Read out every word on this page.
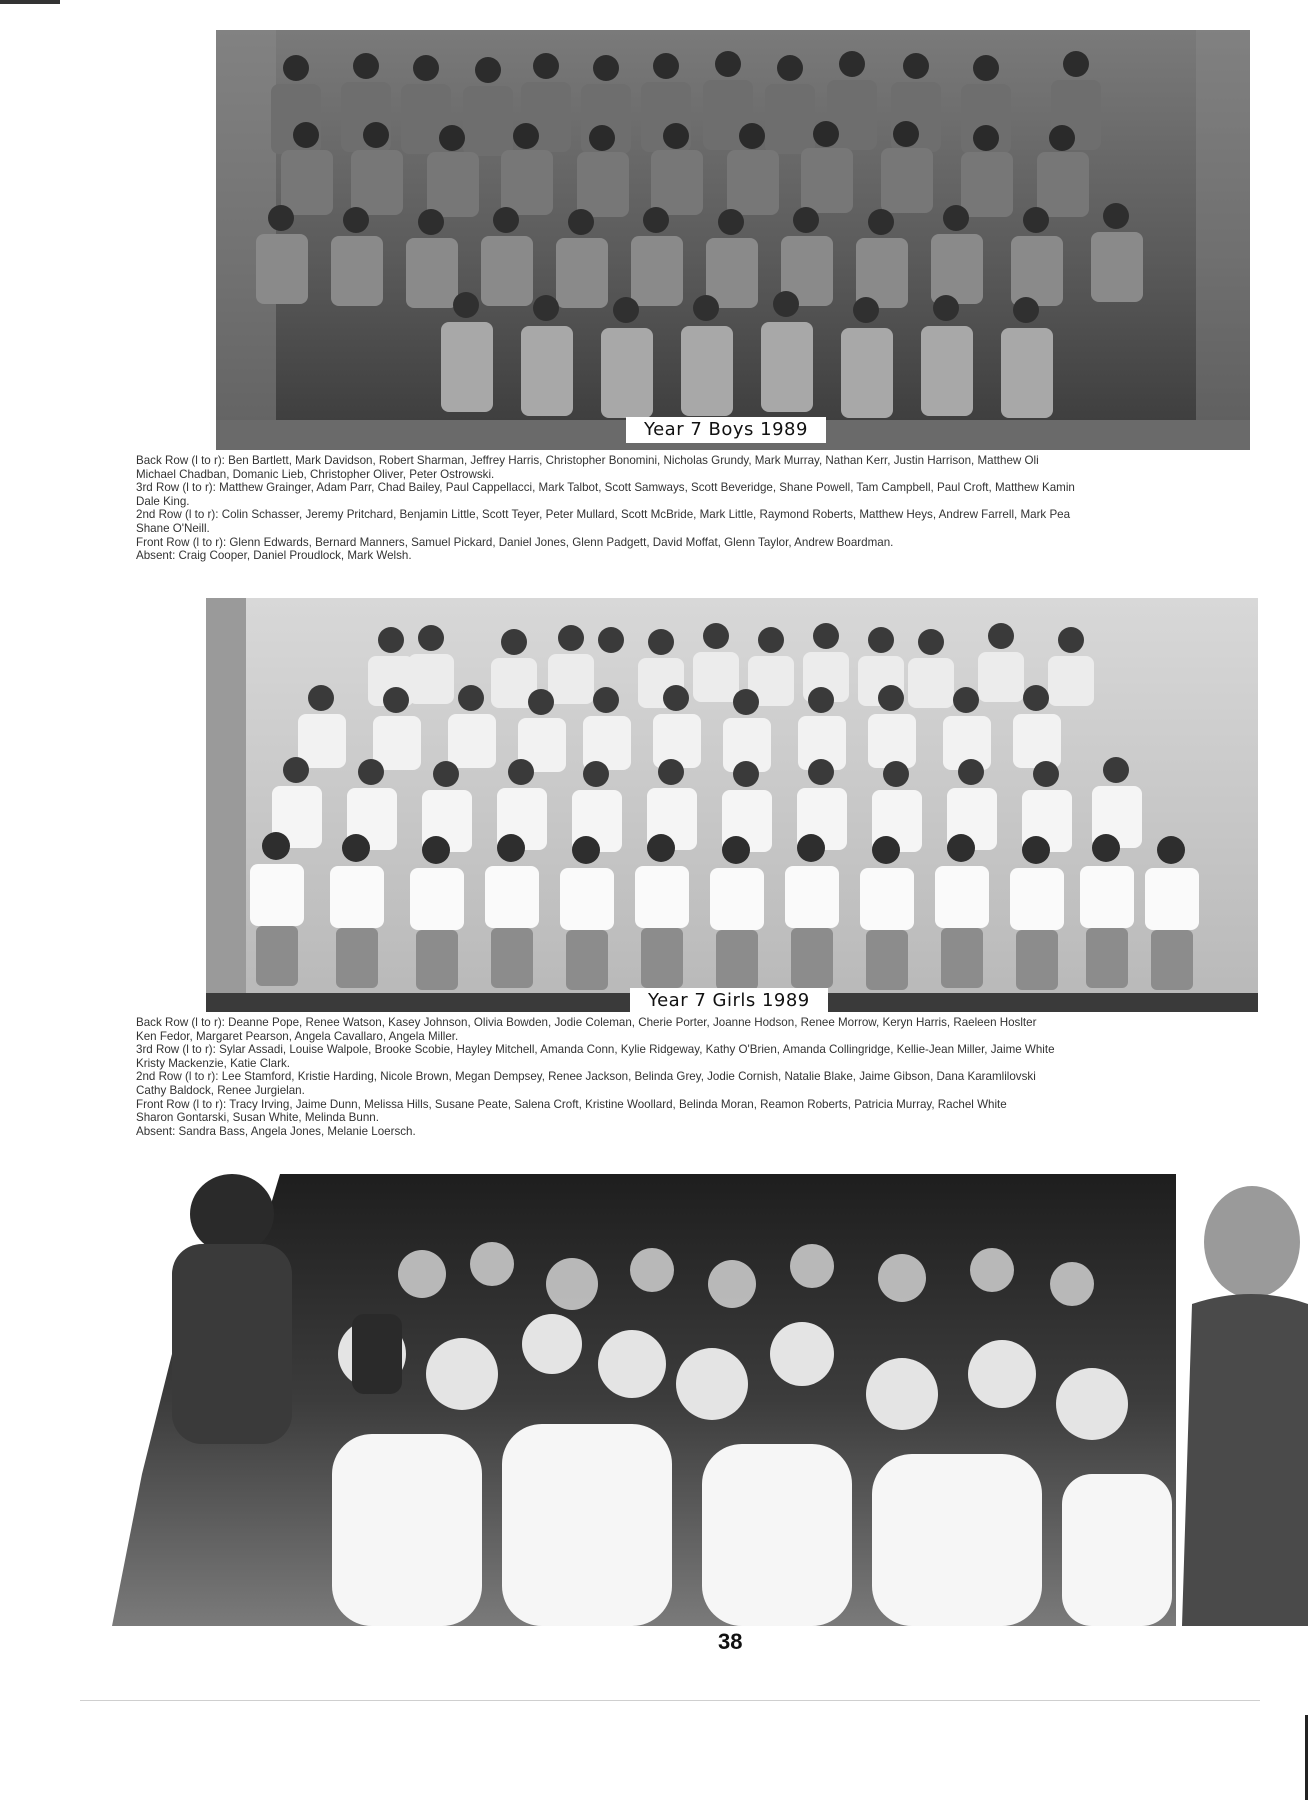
Year 7 Boys 1989
Back Row (l to r): Ben Bartlett, Mark Davidson, Robert Sharman, Jeffrey Harris, Christopher Bonomini, Nicholas Grundy, Mark Murray, Nathan Kerr, Justin Harrison, Matthew Oli
Michael Chadban, Domanic Lieb, Christopher Oliver, Peter Ostrowski.
3rd Row (l to r): Matthew Grainger, Adam Parr, Chad Bailey, Paul Cappellacci, Mark Talbot, Scott Samways, Scott Beveridge, Shane Powell, Tam Campbell, Paul Croft, Matthew Kamin
Dale King.
2nd Row (l to r): Colin Schasser, Jeremy Pritchard, Benjamin Little, Scott Teyer, Peter Mullard, Scott McBride, Mark Little, Raymond Roberts, Matthew Heys, Andrew Farrell, Mark Pea
Shane O'Neill.
Front Row (l to r): Glenn Edwards, Bernard Manners, Samuel Pickard, Daniel Jones, Glenn Padgett, David Moffat, Glenn Taylor, Andrew Boardman.
Absent: Craig Cooper, Daniel Proudlock, Mark Welsh.
Year 7 Girls 1989
Back Row (l to r): Deanne Pope, Renee Watson, Kasey Johnson, Olivia Bowden, Jodie Coleman, Cherie Porter, Joanne Hodson, Renee Morrow, Keryn Harris, Raeleen Hoslter
Ken Fedor, Margaret Pearson, Angela Cavallaro, Angela Miller.
3rd Row (l to r): Sylar Assadi, Louise Walpole, Brooke Scobie, Hayley Mitchell, Amanda Conn, Kylie Ridgeway, Kathy O'Brien, Amanda Collingridge, Kellie-Jean Miller, Jaime White
Kristy Mackenzie, Katie Clark.
2nd Row (l to r): Lee Stamford, Kristie Harding, Nicole Brown, Megan Dempsey, Renee Jackson, Belinda Grey, Jodie Cornish, Natalie Blake, Jaime Gibson, Dana Karamlilovski
Cathy Baldock, Renee Jurgielan.
Front Row (l to r): Tracy Irving, Jaime Dunn, Melissa Hills, Susane Peate, Salena Croft, Kristine Woollard, Belinda Moran, Reamon Roberts, Patricia Murray, Rachel White
Sharon Gontarski, Susan White, Melinda Bunn.
Absent: Sandra Bass, Angela Jones, Melanie Loersch.
38
